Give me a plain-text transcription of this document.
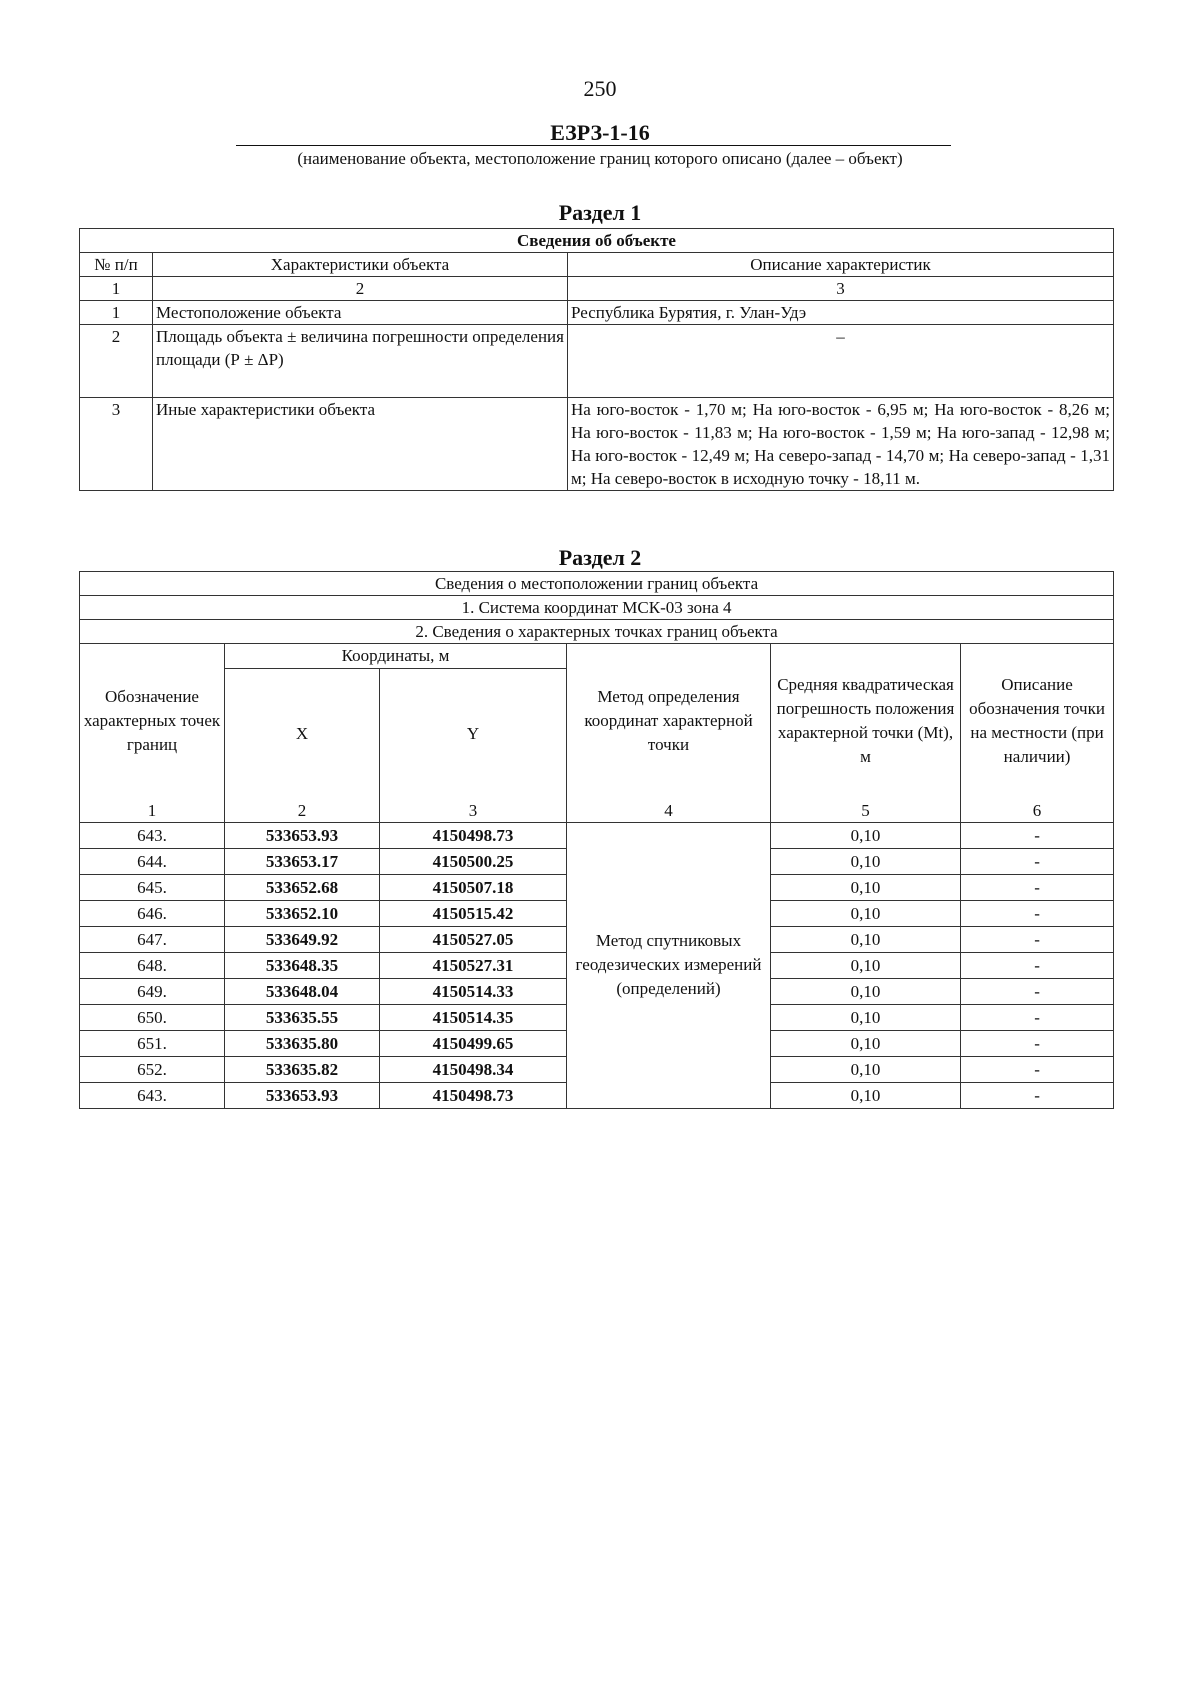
250
ЕЗРЗ-1-16
(наименование объекта, местоположение границ которого описано (далее – объект)
Раздел 1
Сведения об объекте		
№ п/п	Характеристики объекта	Описание характеристик
1	2	3
1	Местоположение объекта	Республика Бурятия, г. Улан-Удэ
2	Площадь объекта ± величина погрешности определения площади (Р ± ΔР)	–
3	Иные характеристики объекта	На юго-восток - 1,70 м; На юго-восток - 6,95 м; На юго-восток - 8,26 м; На юго-восток - 11,83 м; На юго-восток - 1,59 м; На юго-запад - 12,98 м; На юго-восток - 12,49 м; На северо-запад - 14,70 м; На северо-запад - 1,31 м; На северо-восток в исходную точку - 18,11 м.
Раздел 2
Сведения о местоположении границ объекта					
1. Система координат МСК-03 зона 4					
2. Сведения о характерных точках границ объекта					
Обозначение характерных точек границ	Координаты, м		Метод определения координат характерной точки	Средняя квадратическая погрешность положения характерной точки (Mt), м	Описание обозначения точки на местности (при наличии)
	X	Y			
1	2	3	4	5	6
643.	533653.93	4150498.73	Метод спутниковых геодезических измерений (определений)	0,10	-
644.	533653.17	4150500.25		0,10	-
645.	533652.68	4150507.18		0,10	-
646.	533652.10	4150515.42		0,10	-
647.	533649.92	4150527.05		0,10	-
648.	533648.35	4150527.31		0,10	-
649.	533648.04	4150514.33		0,10	-
650.	533635.55	4150514.35		0,10	-
651.	533635.80	4150499.65		0,10	-
652.	533635.82	4150498.34		0,10	-
643.	533653.93	4150498.73		0,10	-
